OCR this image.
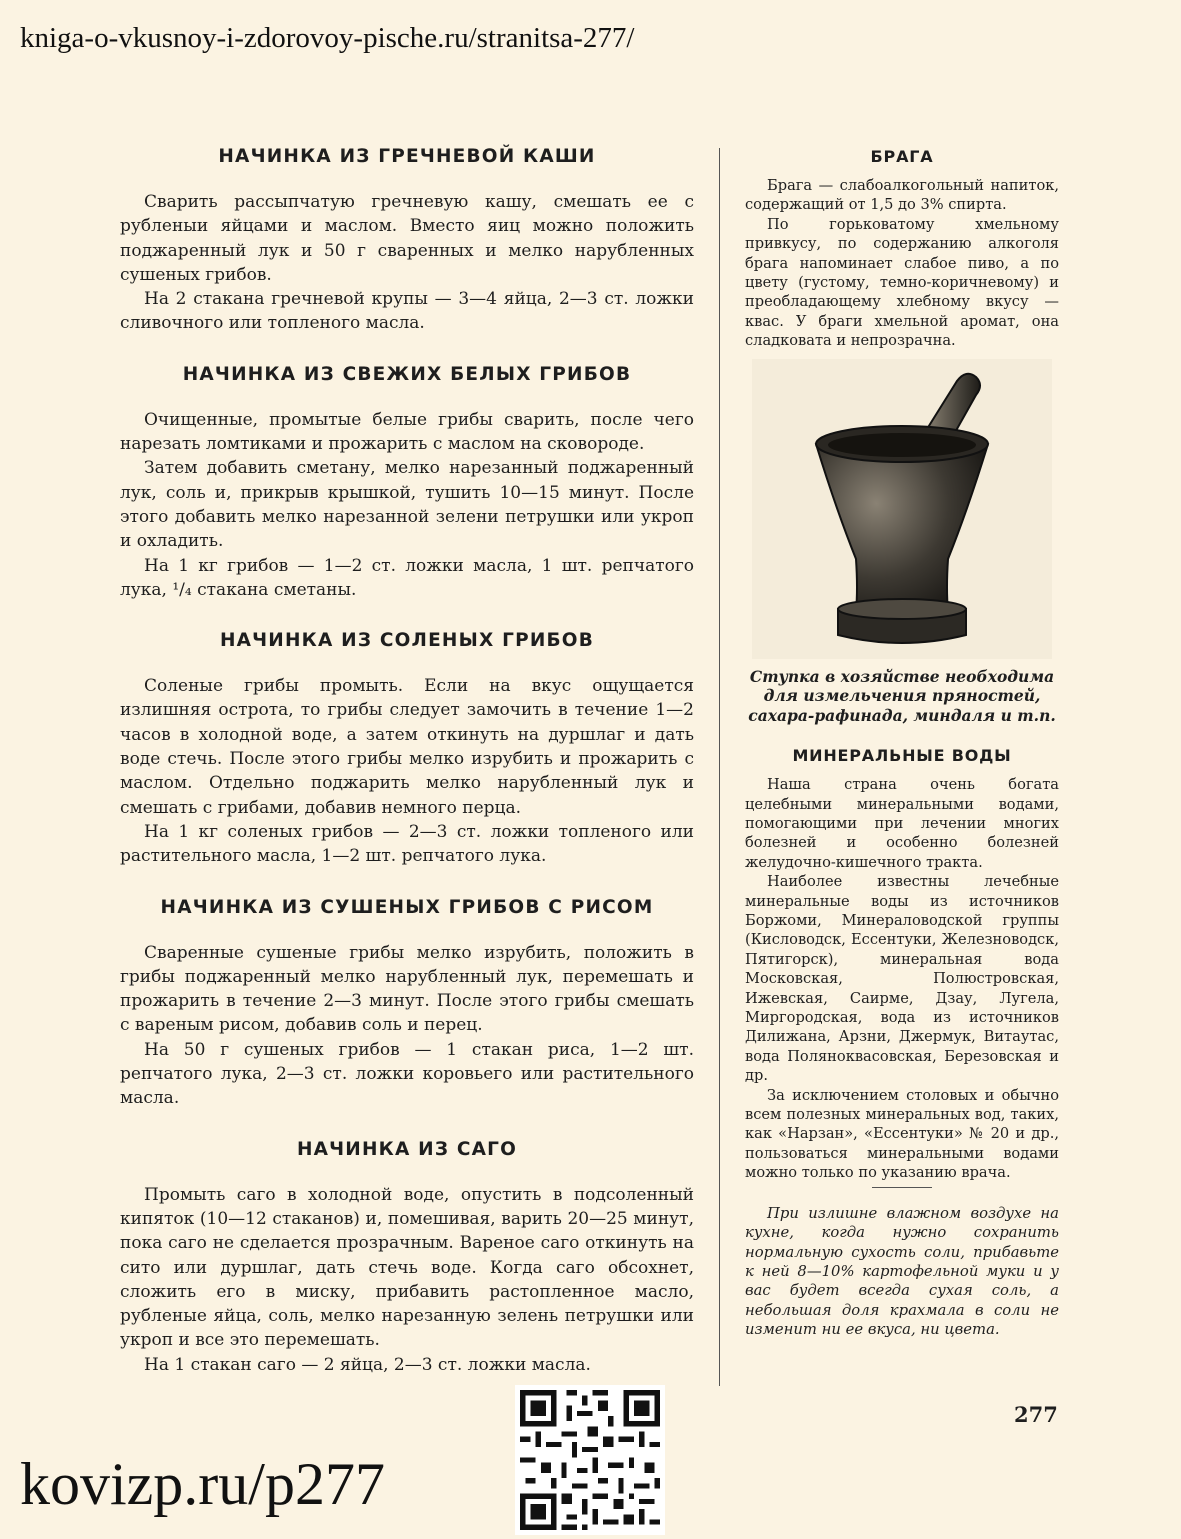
kniga-o-vkusnoy-i-zdorovoy-pische.ru/stranitsa-277/
НАЧИНКА ИЗ ГРЕЧНЕВОЙ КАШИ

Сварить рассыпчатую гречневую кашу, смешать ее с рубленыи яйцами и маслом. Вместо яиц можно положить поджаренный лук и 50 г сваренных и мелко нарубленных сушеных грибов.

На 2 стакана гречневой крупы — 3—4 яйца, 2—3 ст. ложки сливочного или топленого масла.

НАЧИНКА ИЗ СВЕЖИХ БЕЛЫХ ГРИБОВ

Очищенные, промытые белые грибы сварить, после чего нарезать ломтиками и прожарить с маслом на сковороде.

Затем добавить сметану, мелко нарезанный поджаренный лук, соль и, прикрыв крышкой, тушить 10—15 минут. После этого добавить мелко нарезанной зелени петрушки или укроп и охладить.

На 1 кг грибов — 1—2 ст. ложки масла, 1 шт. репчатого лука, ¹/₄ стакана сметаны.

НАЧИНКА ИЗ СОЛЕНЫХ ГРИБОВ

Соленые грибы промыть. Если на вкус ощущается излишняя острота, то грибы следует замочить в течение 1—2 часов в холодной воде, а затем откинуть на дуршлаг и дать воде стечь. После этого грибы мелко изрубить и прожарить с маслом. Отдельно поджарить мелко нарубленный лук и смешать с грибами, добавив немного перца.

На 1 кг соленых грибов — 2—3 ст. ложки топленого или растительного масла, 1—2 шт. репчатого лука.

НАЧИНКА ИЗ СУШЕНЫХ ГРИБОВ С РИСОМ

Сваренные сушеные грибы мелко изрубить, положить в грибы поджаренный мелко нарубленный лук, перемешать и прожарить в течение 2—3 минут. После этого грибы смешать с вареным рисом, добавив соль и перец.

На 50 г сушеных грибов — 1 стакан риса, 1—2 шт. репчатого лука, 2—3 ст. ложки коровьего или растительного масла.

НАЧИНКА ИЗ САГО

Промыть саго в холодной воде, опустить в подсоленный кипяток (10—12 стаканов) и, помешивая, варить 20—25 минут, пока саго не сделается прозрачным. Вареное саго откинуть на сито или дуршлаг, дать стечь воде. Когда саго обсохнет, сложить его в миску, прибавить растопленное масло, рубленые яйца, соль, мелко нарезанную зелень петрушки или укроп и все это перемешать.

На 1 стакан саго — 2 яйца, 2—3 ст. ложки масла.

БРАГА

Брага — слабоалкогольный напиток, содержащий от 1,5 до 3% спирта.

По горьковатому хмельному привкусу, по содержанию алкоголя брага напоминает слабое пиво, а по цвету (густому, темно-коричневому) и преобладающему хлебному вкусу — квас. У браги хмельной аромат, она сладковата и непрозрачна.

Ступка в хозяйстве необходима для измельчения пряностей, сахара-рафинада, миндаля и т.п.
МИНЕРАЛЬНЫЕ ВОДЫ

Наша страна очень богата целебными минеральными водами, помогающими при лечении многих болезней и особенно болезней желудочно-кишечного тракта.

Наиболее известны лечебные минеральные воды из источников Боржоми, Минераловодской группы (Кисловодск, Ессентуки, Железноводск, Пятигорск), минеральная вода Московская, Полюстровская, Ижевская, Саирме, Дзау, Лугела, Миргородская, вода из источников Дилижана, Арзни, Джермук, Витаутас, вода Полянокваcовская, Березовская и др.

За исключением столовых и обычно всем полезных минеральных вод, таких, как «Нарзан», «Ессентуки» № 20 и др., пользоваться минеральными водами можно только по указанию врача.

При излишне влажном воздухе на кухне, когда нужно сохранить нормальную сухость соли, прибавьте к ней 8—10% картофельной муки и у вас будет всегда сухая соль, а небольшая доля крахмала в соли не изменит ни ее вкуса, ни цвета.

277
kovizp.ru/p277
